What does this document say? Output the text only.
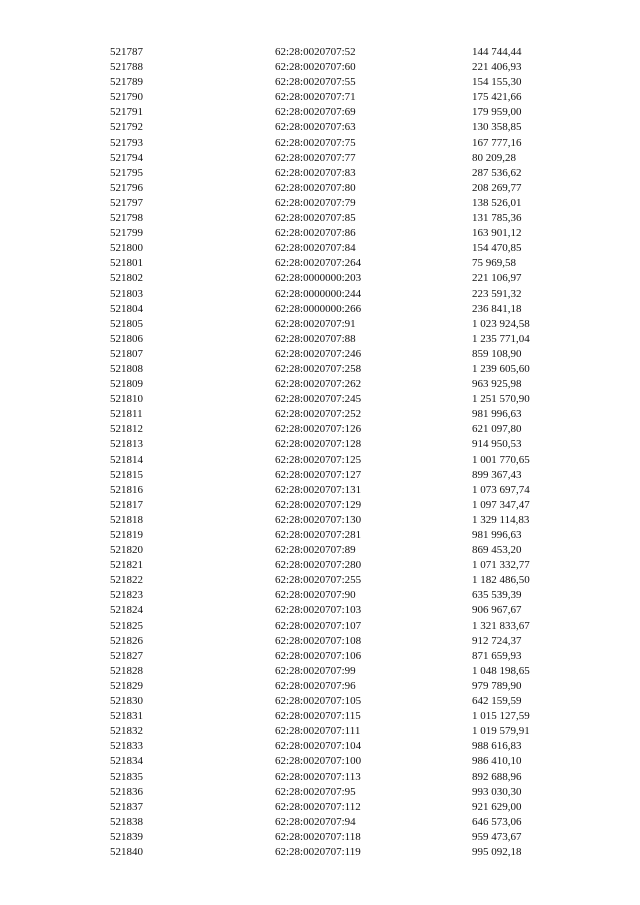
521787	62:28:0020707:52	144 744,44
521788	62:28:0020707:60	221 406,93
521789	62:28:0020707:55	154 155,30
521790	62:28:0020707:71	175 421,66
521791	62:28:0020707:69	179 959,00
521792	62:28:0020707:63	130 358,85
521793	62:28:0020707:75	167 777,16
521794	62:28:0020707:77	80 209,28
521795	62:28:0020707:83	287 536,62
521796	62:28:0020707:80	208 269,77
521797	62:28:0020707:79	138 526,01
521798	62:28:0020707:85	131 785,36
521799	62:28:0020707:86	163 901,12
521800	62:28:0020707:84	154 470,85
521801	62:28:0020707:264	75 969,58
521802	62:28:0000000:203	221 106,97
521803	62:28:0000000:244	223 591,32
521804	62:28:0000000:266	236 841,18
521805	62:28:0020707:91	1 023 924,58
521806	62:28:0020707:88	1 235 771,04
521807	62:28:0020707:246	859 108,90
521808	62:28:0020707:258	1 239 605,60
521809	62:28:0020707:262	963 925,98
521810	62:28:0020707:245	1 251 570,90
521811	62:28:0020707:252	981 996,63
521812	62:28:0020707:126	621 097,80
521813	62:28:0020707:128	914 950,53
521814	62:28:0020707:125	1 001 770,65
521815	62:28:0020707:127	899 367,43
521816	62:28:0020707:131	1 073 697,74
521817	62:28:0020707:129	1 097 347,47
521818	62:28:0020707:130	1 329 114,83
521819	62:28:0020707:281	981 996,63
521820	62:28:0020707:89	869 453,20
521821	62:28:0020707:280	1 071 332,77
521822	62:28:0020707:255	1 182 486,50
521823	62:28:0020707:90	635 539,39
521824	62:28:0020707:103	906 967,67
521825	62:28:0020707:107	1 321 833,67
521826	62:28:0020707:108	912 724,37
521827	62:28:0020707:106	871 659,93
521828	62:28:0020707:99	1 048 198,65
521829	62:28:0020707:96	979 789,90
521830	62:28:0020707:105	642 159,59
521831	62:28:0020707:115	1 015 127,59
521832	62:28:0020707:111	1 019 579,91
521833	62:28:0020707:104	988 616,83
521834	62:28:0020707:100	986 410,10
521835	62:28:0020707:113	892 688,96
521836	62:28:0020707:95	993 030,30
521837	62:28:0020707:112	921 629,00
521838	62:28:0020707:94	646 573,06
521839	62:28:0020707:118	959 473,67
521840	62:28:0020707:119	995 092,18
